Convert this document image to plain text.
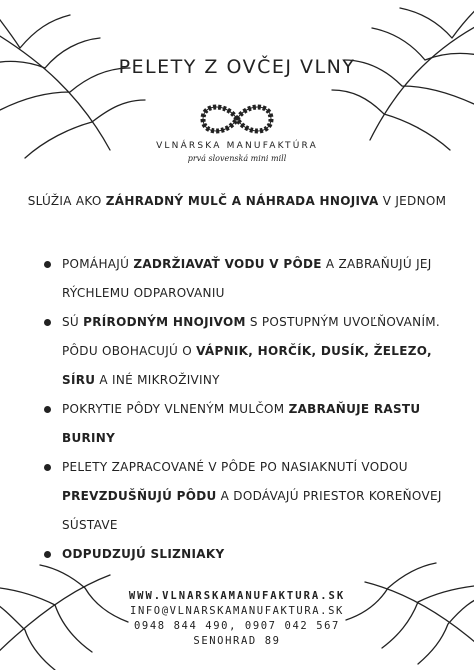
PELETY Z OVČEJ VLNY
VLNÁRSKA MANUFAKTÚRA
prvá slovenská mini mill
SLÚŽIA AKO ZÁHRADNÝ MULČ A NÁHRADA HNOJIVA V JEDNOM
POMÁHAJÚ ZADRŽIAVAŤ VODU V PÔDE A ZABRAŇUJÚ JEJ RÝCHLEMU ODPAROVANIU
SÚ PRÍRODNÝM HNOJIVOM S POSTUPNÝM UVOĽŇOVANÍM. PÔDU OBOHACUJÚ O VÁPNIK, HORČÍK, DUSÍK, ŽELEZO, SÍRU A INÉ MIKROŽIVINY
POKRYTIE PÔDY VLNENÝM MULČOM ZABRAŇUJE RASTU BURINY
PELETY ZAPRACOVANÉ V PÔDE PO NASIAKNUTÍ VODOU PREVZDUŠŇUJÚ PÔDU A DODÁVAJÚ PRIESTOR KOREŇOVEJ SÚSTAVE
ODPUDZUJÚ SLIZNIAKY
WWW.VLNARSKAMANUFAKTURA.SK
INFO@VLNARSKAMANUFAKTURA.SK
0948 844 490, 0907 042 567
SENOHRAD 89
